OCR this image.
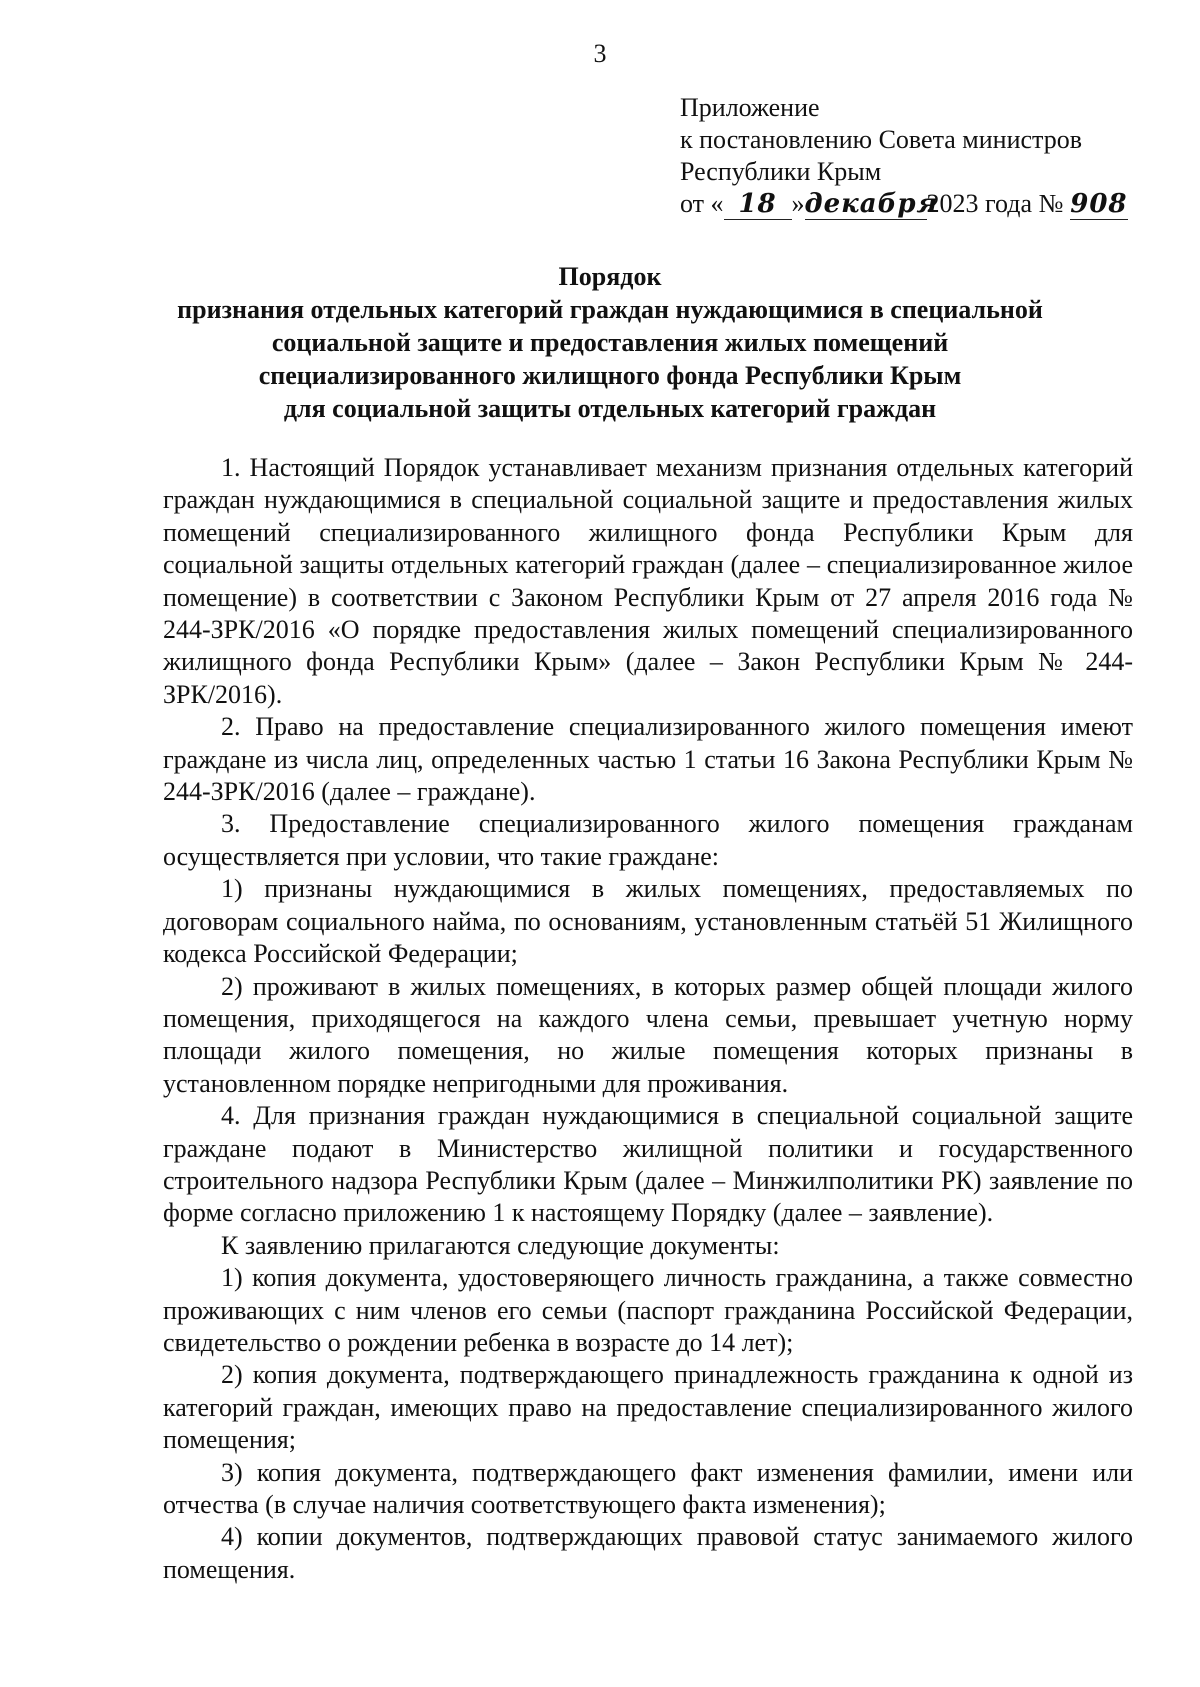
3
Приложение
к постановлению Совета министров
Республики Крым
от « 18 »декабря2023 года № 908
Порядок
признания отдельных категорий граждан нуждающимися в специальной
социальной защите и предоставления жилых помещений
специализированного жилищного фонда Республики Крым
для социальной защиты отдельных категорий граждан

1. Настоящий Порядок устанавливает механизм признания отдельных категорий граждан нуждающимися в специальной социальной защите и предоставления жилых помещений специализированного жилищного фонда Республики Крым для социальной защиты отдельных категорий граждан (далее – специализированное жилое помещение) в соответствии с Законом Республики Крым от 27 апреля 2016 года № 244-ЗРК/2016 «О порядке предоставления жилых помещений специализированного жилищного фонда Республики Крым» (далее – Закон Республики Крым № 244-ЗРК/2016).

2. Право на предоставление специализированного жилого помещения имеют граждане из числа лиц, определенных частью 1 статьи 16 Закона Республики Крым № 244-ЗРК/2016 (далее – граждане).

3. Предоставление специализированного жилого помещения гражданам осуществляется при условии, что такие граждане:

1) признаны нуждающимися в жилых помещениях, предоставляемых по договорам социального найма, по основаниям, установленным статьёй 51 Жилищного кодекса Российской Федерации;

2) проживают в жилых помещениях, в которых размер общей площади жилого помещения, приходящегося на каждого члена семьи, превышает учетную норму площади жилого помещения, но жилые помещения которых признаны в установленном порядке непригодными для проживания.

4. Для признания граждан нуждающимися в специальной социальной защите граждане подают в Министерство жилищной политики и государственного строительного надзора Республики Крым (далее – Минжилполитики РК) заявление по форме согласно приложению 1 к настоящему Порядку (далее – заявление).

К заявлению прилагаются следующие документы:

1) копия документа, удостоверяющего личность гражданина, а также совместно проживающих с ним членов его семьи (паспорт гражданина Российской Федерации, свидетельство о рождении ребенка в возрасте до 14 лет);

2) копия документа, подтверждающего принадлежность гражданина к одной из категорий граждан, имеющих право на предоставление специализированного жилого помещения;

3) копия документа, подтверждающего факт изменения фамилии, имени или отчества (в случае наличия соответствующего факта изменения);

4) копии документов, подтверждающих правовой статус занимаемого жилого помещения.
